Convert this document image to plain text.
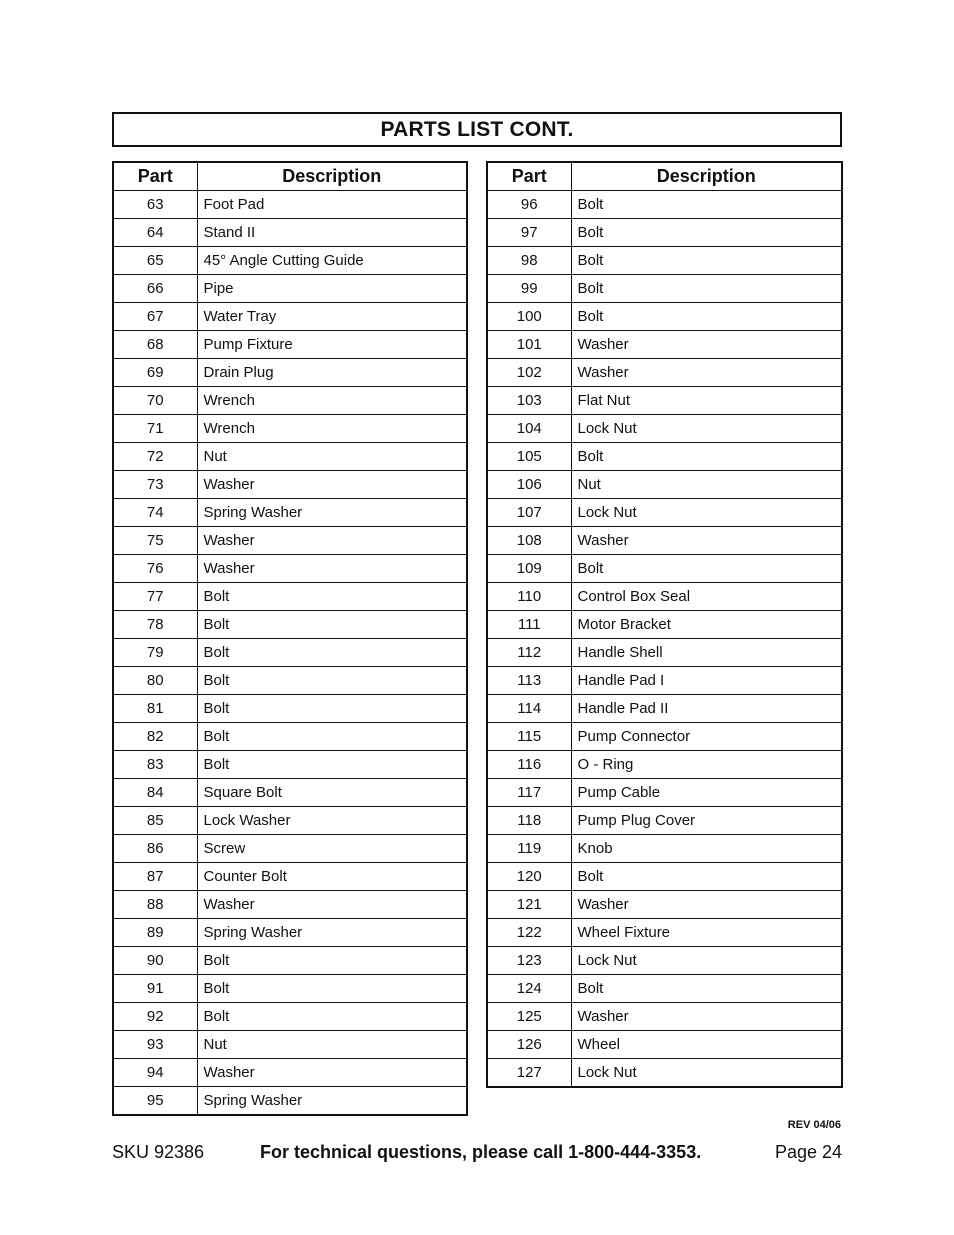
PARTS LIST CONT.
Part	Description
63	Foot Pad
64	Stand II
65	45° Angle Cutting Guide
66	Pipe
67	Water Tray
68	Pump Fixture
69	Drain Plug
70	Wrench
71	Wrench
72	Nut
73	Washer
74	Spring Washer
75	Washer
76	Washer
77	Bolt
78	Bolt
79	Bolt
80	Bolt
81	Bolt
82	Bolt
83	Bolt
84	Square Bolt
85	Lock Washer
86	Screw
87	Counter Bolt
88	Washer
89	Spring Washer
90	Bolt
91	Bolt
92	Bolt
93	Nut
94	Washer
95	Spring Washer
Part	Description
96	Bolt
97	Bolt
98	Bolt
99	Bolt
100	Bolt
101	Washer
102	Washer
103	Flat Nut
104	Lock Nut
105	Bolt
106	Nut
107	Lock Nut
108	Washer
109	Bolt
110	Control Box Seal
111	Motor Bracket
112	Handle Shell
113	Handle Pad I
114	Handle Pad II
115	Pump Connector
116	O - Ring
117	Pump Cable
118	Pump Plug Cover
119	Knob
120	Bolt
121	Washer
122	Wheel Fixture
123	Lock Nut
124	Bolt
125	Washer
126	Wheel
127	Lock Nut
REV 04/06
SKU 92386	For technical questions, please call 1-800-444-3353.	Page 24
